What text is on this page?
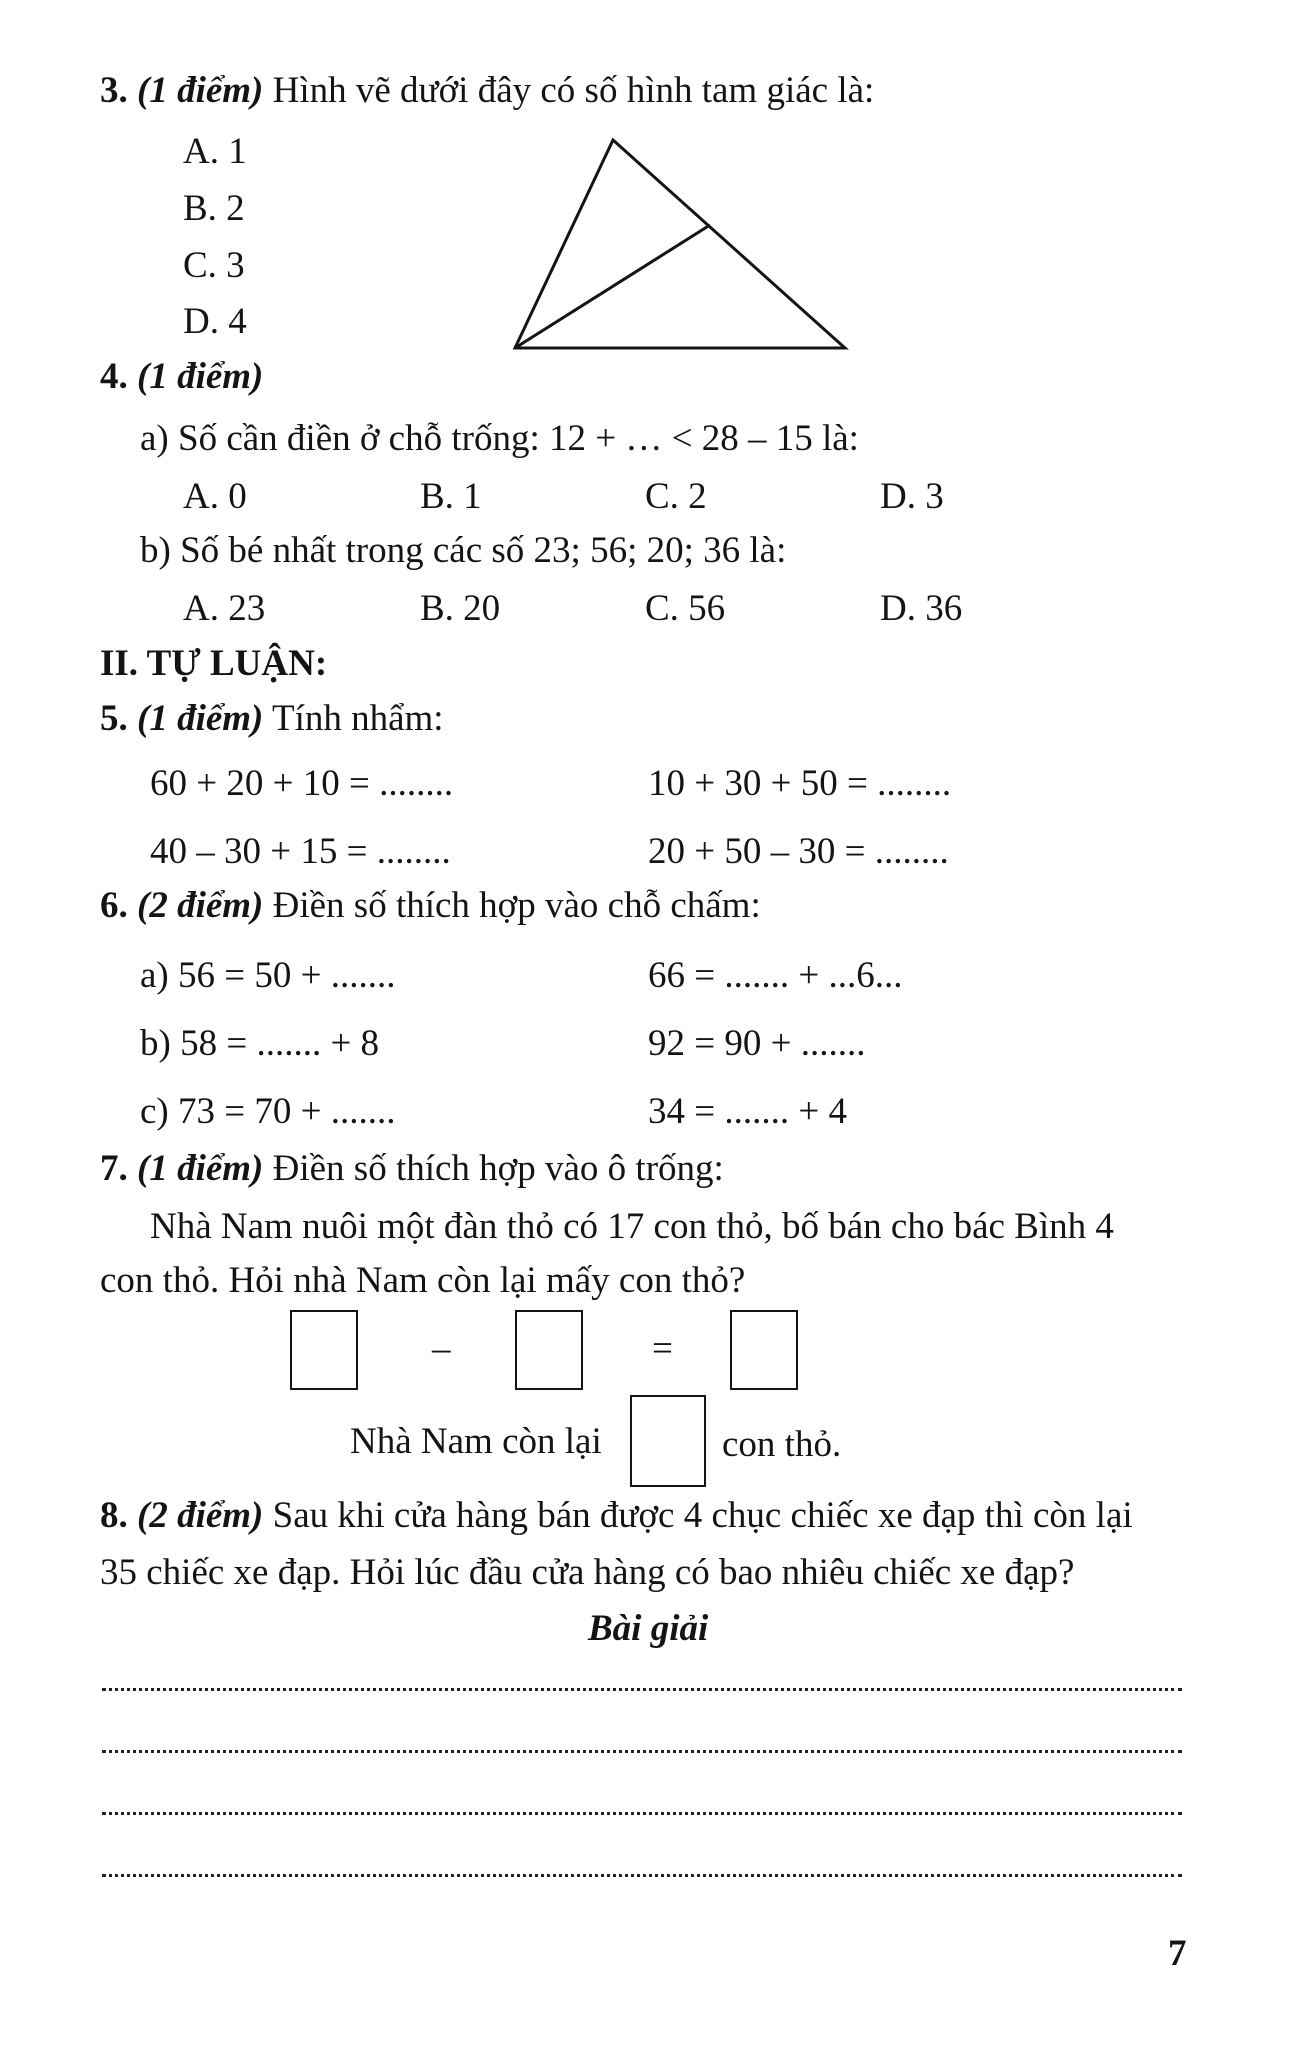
3. (1 điểm) Hình vẽ dưới đây có số hình tam giác là:
A. 1
B. 2
C. 3
D. 4
4. (1 điểm)
a) Số cần điền ở chỗ trống: 12 + … < 28 – 15 là:
A. 0	B. 1	C. 2	D. 3
b) Số bé nhất trong các số 23; 56; 20; 36 là:
A. 23	B. 20	C. 56	D. 36
II. TỰ LUẬN:
5. (1 điểm) Tính nhẩm:
60 + 20 + 10 = ........	10 + 30 + 50 = ........
40 – 30 + 15 = ........	20 + 50 – 30 = ........
6. (2 điểm) Điền số thích hợp vào chỗ chấm:
a) 56 = 50 + .......	66 = ....... + ...6...
b) 58 = ....... + 8	92 = 90 + .......
c) 73 = 70 + .......	34 = ....... + 4
7. (1 điểm) Điền số thích hợp vào ô trống:
Nhà Nam nuôi một đàn thỏ có 17 con thỏ, bố bán cho bác Bình 4
con thỏ. Hỏi nhà Nam còn lại mấy con thỏ?
–	=
Nhà Nam còn lại	con thỏ.
8. (2 điểm) Sau khi cửa hàng bán được 4 chục chiếc xe đạp thì còn lại
35 chiếc xe đạp. Hỏi lúc đầu cửa hàng có bao nhiêu chiếc xe đạp?
Bài giải
7
